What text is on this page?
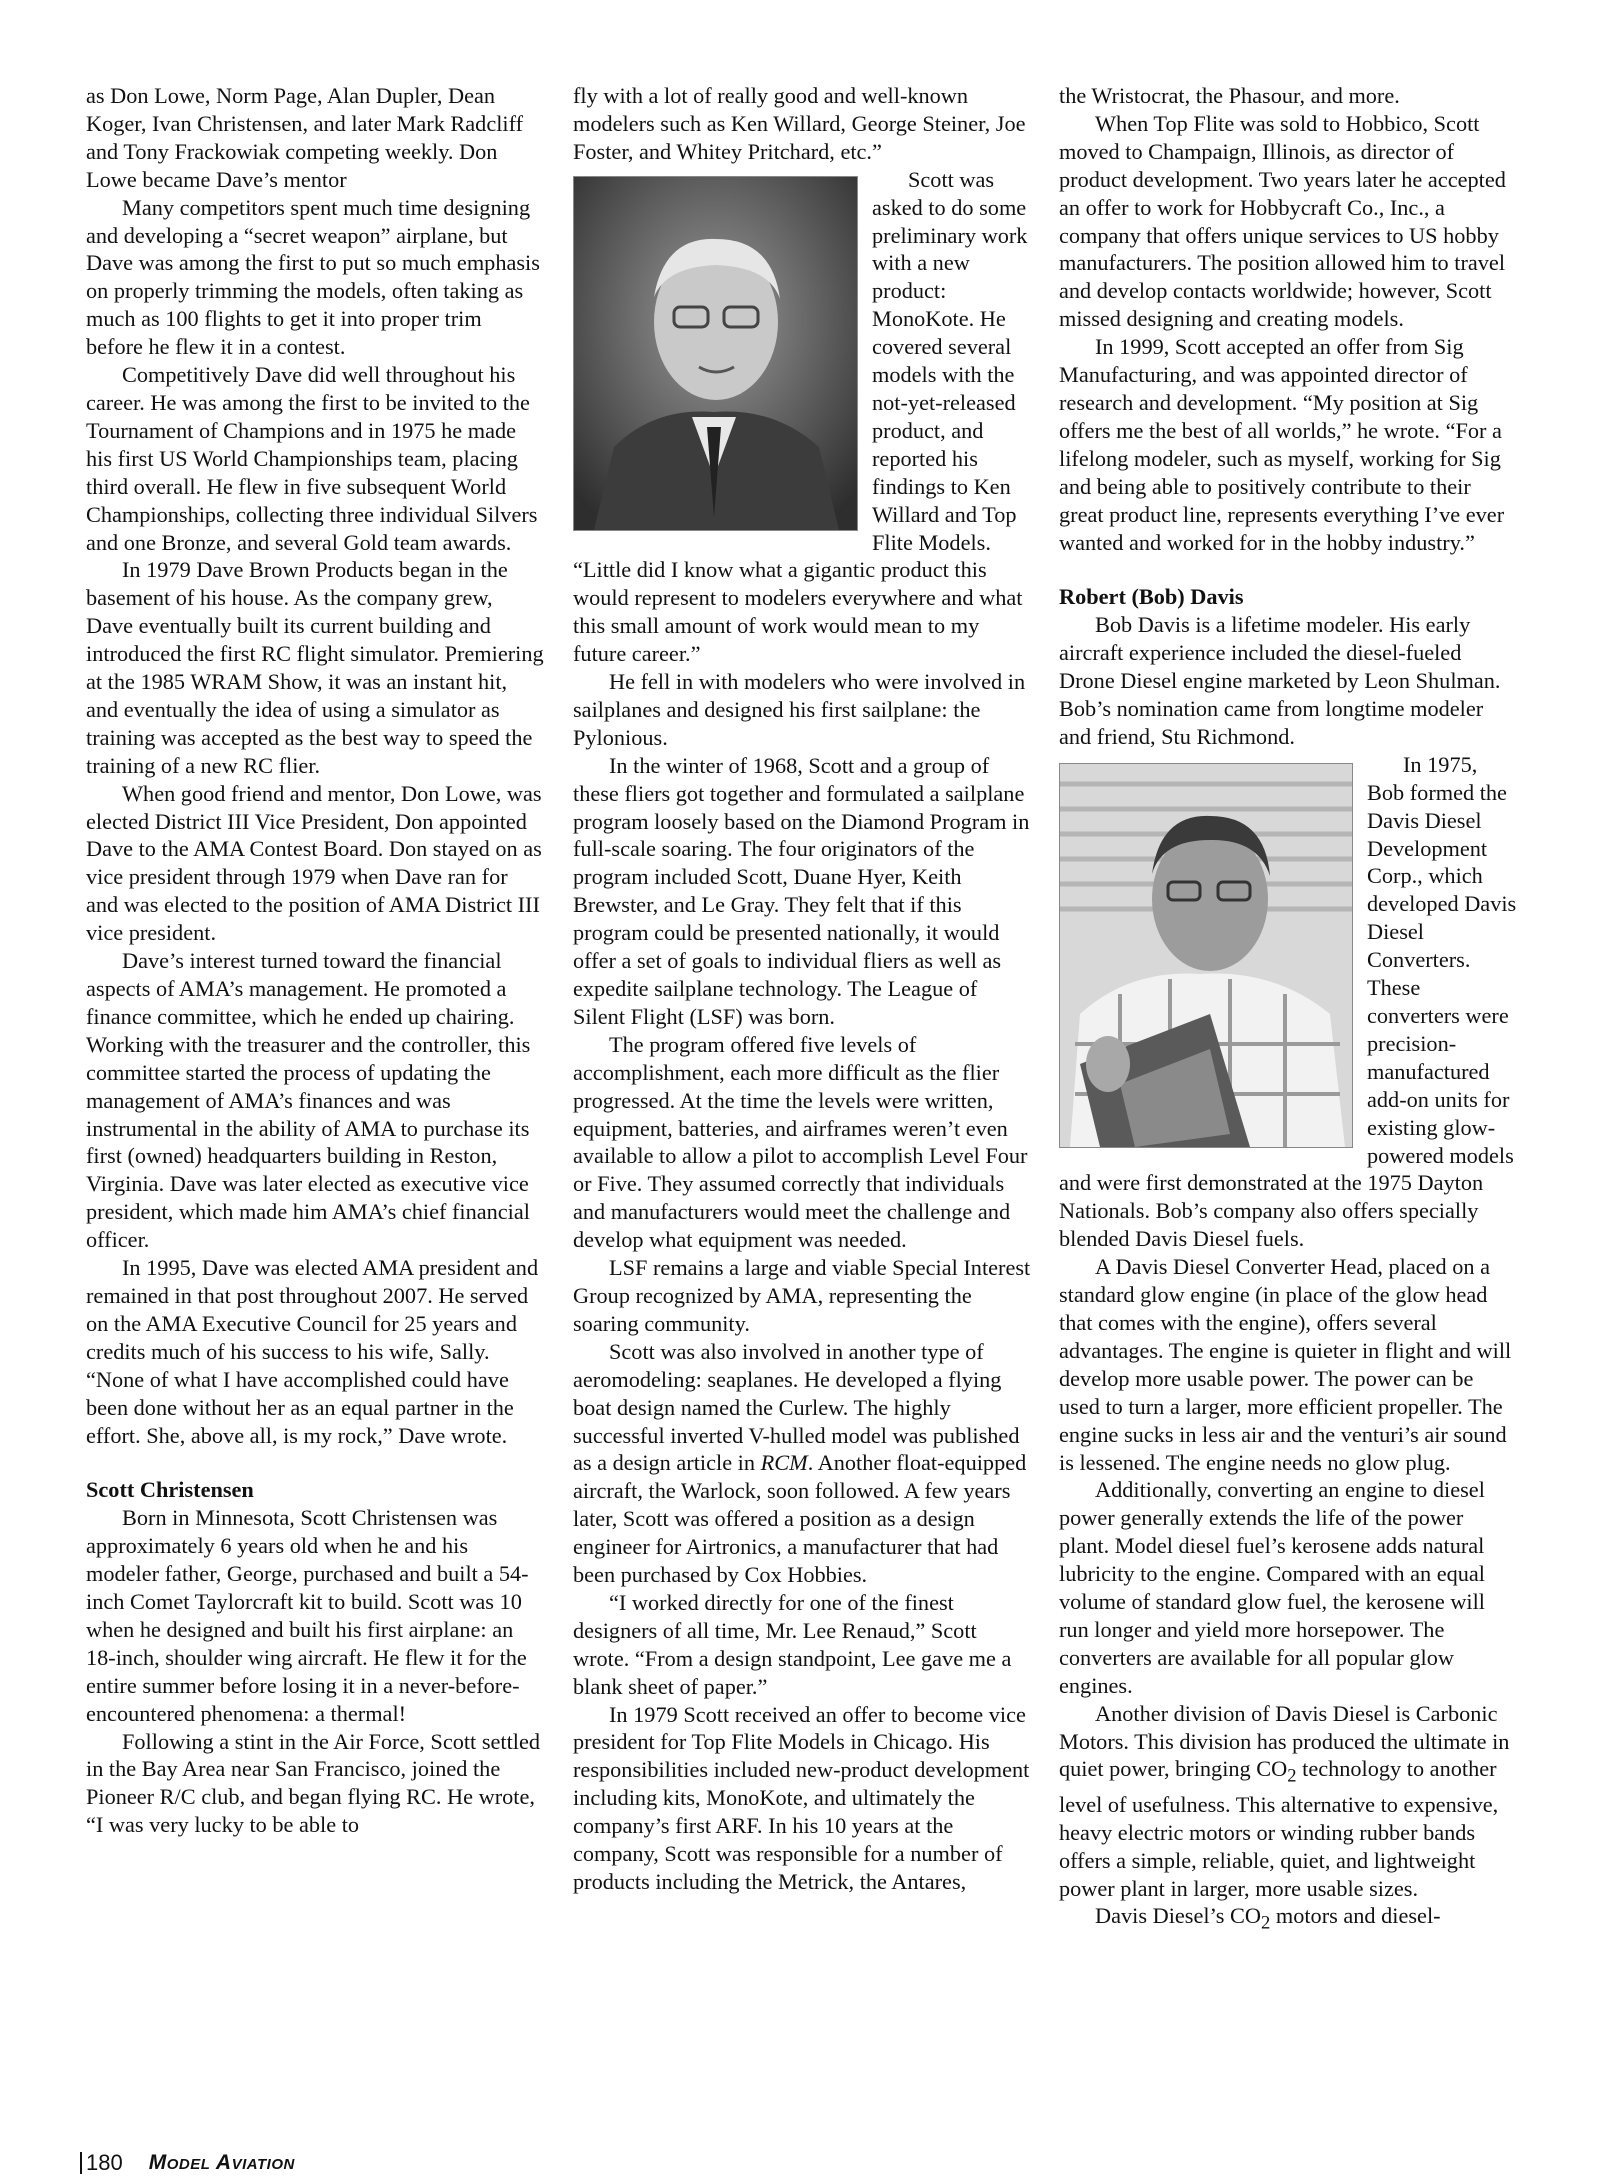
as Don Lowe, Norm Page, Alan Dupler, Dean Koger, Ivan Christensen, and later Mark Radcliff and Tony Frackowiak competing weekly. Don Lowe became Dave’s mentor

Many competitors spent much time designing and developing a “secret weapon” airplane, but Dave was among the first to put so much emphasis on properly trimming the models, often taking as much as 100 flights to get it into proper trim before he flew it in a contest.

Competitively Dave did well throughout his career. He was among the first to be invited to the Tournament of Champions and in 1975 he made his first US World Championships team, placing third overall. He flew in five subsequent World Championships, collecting three individual Silvers and one Bronze, and several Gold team awards.

In 1979 Dave Brown Products began in the basement of his house. As the company grew, Dave eventually built its current building and introduced the first RC flight simulator. Premiering at the 1985 WRAM Show, it was an instant hit, and eventually the idea of using a simulator as training was accepted as the best way to speed the training of a new RC flier.

When good friend and mentor, Don Lowe, was elected District III Vice President, Don appointed Dave to the AMA Contest Board. Don stayed on as vice president through 1979 when Dave ran for and was elected to the position of AMA District III vice president.

Dave’s interest turned toward the financial aspects of AMA’s management. He promoted a finance committee, which he ended up chairing. Working with the treasurer and the controller, this committee started the process of updating the management of AMA’s finances and was instrumental in the ability of AMA to purchase its first (owned) headquarters building in Reston, Virginia. Dave was later elected as executive vice president, which made him AMA’s chief financial officer.

In 1995, Dave was elected AMA president and remained in that post throughout 2007. He served on the AMA Executive Council for 25 years and credits much of his success to his wife, Sally. “None of what I have accomplished could have been done without her as an equal partner in the effort. She, above all, is my rock,” Dave wrote.

Scott Christensen

Born in Minnesota, Scott Christensen was approximately 6 years old when he and his modeler father, George, purchased and built a 54-inch Comet Taylorcraft kit to build. Scott was 10 when he designed and built his first airplane: an 18-inch, shoulder wing aircraft. He flew it for the entire summer before losing it in a never-before-encountered phenomena: a thermal!

Following a stint in the Air Force, Scott settled in the Bay Area near San Francisco, joined the Pioneer R/C club, and began flying RC. He wrote, “I was very lucky to be able to

fly with a lot of really good and well-known modelers such as Ken Willard, George Steiner, Joe Foster, and Whitey Pritchard, etc.”

Scott was asked to do some preliminary work with a new product: MonoKote. He covered several models with the not-yet-released product, and reported his findings to Ken Willard and Top Flite Models. “Little did I know what a gigantic product this would represent to modelers everywhere and what this small amount of work would mean to my future career.”

He fell in with modelers who were involved in sailplanes and designed his first sailplane: the Pylonious.

In the winter of 1968, Scott and a group of these fliers got together and formulated a sailplane program loosely based on the Diamond Program in full-scale soaring. The four originators of the program included Scott, Duane Hyer, Keith Brewster, and Le Gray. They felt that if this program could be presented nationally, it would offer a set of goals to individual fliers as well as expedite sailplane technology. The League of Silent Flight (LSF) was born.

The program offered five levels of accomplishment, each more difficult as the flier progressed. At the time the levels were written, equipment, batteries, and airframes weren’t even available to allow a pilot to accomplish Level Four or Five. They assumed correctly that individuals and manufacturers would meet the challenge and develop what equipment was needed.

LSF remains a large and viable Special Interest Group recognized by AMA, representing the soaring community.

Scott was also involved in another type of aeromodeling: seaplanes. He developed a flying boat design named the Curlew. The highly successful inverted V-hulled model was published as a design article in RCM. Another float-equipped aircraft, the Warlock, soon followed. A few years later, Scott was offered a position as a design engineer for Airtronics, a manufacturer that had been purchased by Cox Hobbies.

“I worked directly for one of the finest designers of all time, Mr. Lee Renaud,” Scott wrote. “From a design standpoint, Lee gave me a blank sheet of paper.”

In 1979 Scott received an offer to become vice president for Top Flite Models in Chicago. His responsibilities included new-product development including kits, MonoKote, and ultimately the company’s first ARF. In his 10 years at the company, Scott was responsible for a number of products including the Metrick, the Antares,

the Wristocrat, the Phasour, and more.

When Top Flite was sold to Hobbico, Scott moved to Champaign, Illinois, as director of product development. Two years later he accepted an offer to work for Hobbycraft Co., Inc., a company that offers unique services to US hobby manufacturers. The position allowed him to travel and develop contacts worldwide; however, Scott missed designing and creating models.

In 1999, Scott accepted an offer from Sig Manufacturing, and was appointed director of research and development. “My position at Sig offers me the best of all worlds,” he wrote. “For a lifelong modeler, such as myself, working for Sig and being able to positively contribute to their great product line, represents everything I’ve ever wanted and worked for in the hobby industry.”

Robert (Bob) Davis

Bob Davis is a lifetime modeler. His early aircraft experience included the diesel-fueled Drone Diesel engine marketed by Leon Shulman. Bob’s nomination came from longtime modeler and friend, Stu Richmond.

In 1975, Bob formed the Davis Diesel Development Corp., which developed Davis Diesel Converters. These converters were precision-manufactured add-on units for existing glow-powered models and were first demonstrated at the 1975 Dayton Nationals. Bob’s company also offers specially blended Davis Diesel fuels.

A Davis Diesel Converter Head, placed on a standard glow engine (in place of the glow head that comes with the engine), offers several advantages. The engine is quieter in flight and will develop more usable power. The power can be used to turn a larger, more efficient propeller. The engine sucks in less air and the venturi’s air sound is lessened. The engine needs no glow plug.

Additionally, converting an engine to diesel power generally extends the life of the power plant. Model diesel fuel’s kerosene adds natural lubricity to the engine. Compared with an equal volume of standard glow fuel, the kerosene will run longer and yield more horsepower. The converters are available for all popular glow engines.

Another division of Davis Diesel is Carbonic Motors. This division has produced the ultimate in quiet power, bringing $CO_2$ technology to another level of usefulness. This alternative to expensive, heavy electric motors or winding rubber bands offers a simple, reliable, quiet, and lightweight power plant in larger, more usable sizes.

Davis Diesel’s $CO_2$ motors and diesel-

180 Model Aviation
